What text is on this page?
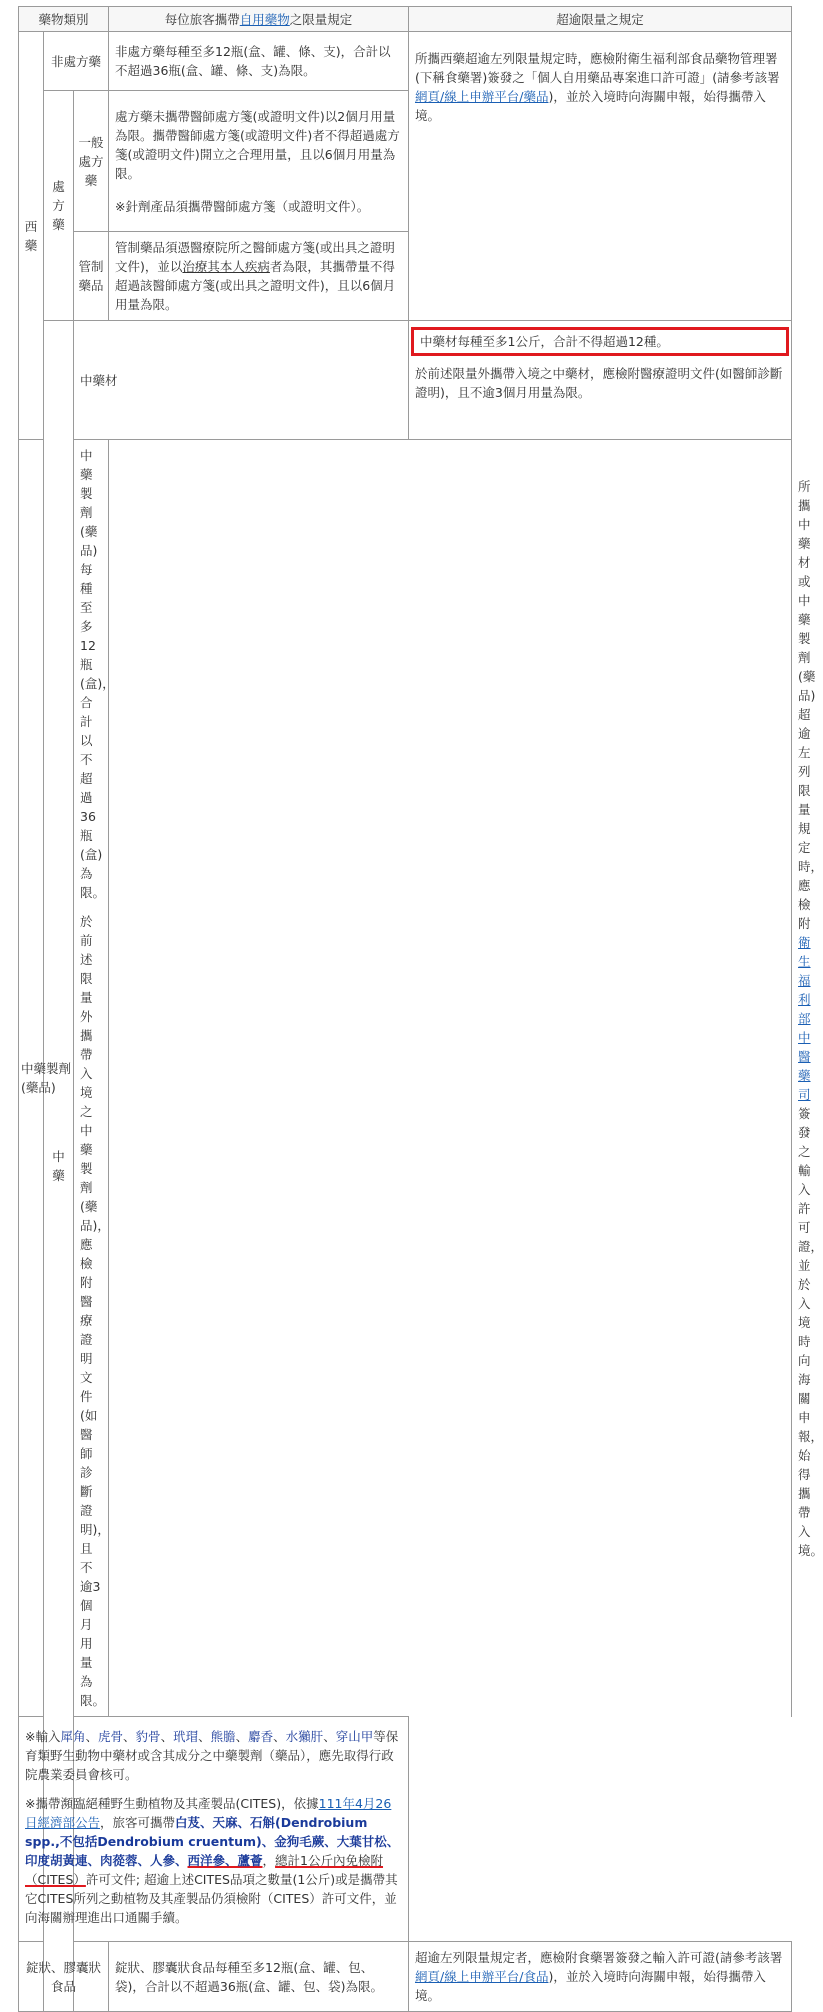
藥物類別			每位旅客攜帶自用藥物之限量規定	超逾限量之規定	

西藥	非處方藥		非處方藥每種至多12瓶(盒、罐、條、支)，合計以不超過36瓶(盒、罐、條、支)為限。	所攜西藥超逾左列限量規定時，應檢附衛生福利部食品藥物管理署(下稱食藥署)簽發之「個人自用藥品專案進口許可證」(請參考該署網頁/線上申辦平台/藥品)，並於入境時向海關申報，始得攜帶入境。	

	處方藥	一般處方藥	處方藥未攜帶醫師處方箋(或證明文件)以2個月用量為限。攜帶醫師處方箋(或證明文件)者不得超過處方箋(或證明文件)開立之合理用量，且以6個月用量為限。
※針劑產品須攜帶醫師處方箋（或證明文件）。		

		管制藥品	管制藥品須憑醫療院所之醫師處方箋(或出具之證明文件)，並以治療其本人疾病者為限，其攜帶量不得超過該醫師處方箋(或出具之證明文件)，且以6個月用量為限。		

	中藥	中藥材		中藥材每種至多1公斤，合計不得超過12種。
於前述限量外攜帶入境之中藥材，應檢附醫療證明文件(如醫師診斷證明)，且不逾3個月用量為限。	所攜中藥材或中藥製劑(藥品)超逾左列限量規定時，應檢附衛生福利部中醫藥司簽發之輸入許可證，並於入境時向海關申報，始得攜帶入境。

中藥製劑(藥品)		中藥製劑(藥品)每種至多12瓶(盒)，合計以不超過36瓶(盒)為限。
於前述限量外攜帶入境之中藥製劑(藥品)，應檢附醫療證明文件(如醫師診斷證明)，且不逾3個月用量為限。			

※輸入犀角、虎骨、豹骨、玳瑁、熊膽、麝香、水獺肝、穿山甲等保育類野生動物中藥材或含其成分之中藥製劑（藥品），應先取得行政院農業委員會核可。

※攜帶瀕臨絕種野生動植物及其產製品(CITES)，依據111年4月26日經濟部公告，旅客可攜帶白芨、天麻、石斛(Dendrobium spp.,不包括Dendrobium cruentum)、金狗毛蕨、大葉甘松、印度胡黃連、肉蓯蓉、人參、西洋參、蘆薈，總計1公斤內免檢附（CITES）許可文件; 超逾上述CITES品項之數量(1公斤)或是攜帶其它CITES所列之動植物及其產製品仍須檢附（CITES）許可文件，並向海關辦理進出口通關手續。					

錠狀、膠囊狀食品			錠狀、膠囊狀食品每種至多12瓶(盒、罐、包、袋)，合計以不超過36瓶(盒、罐、包、袋)為限。	超逾左列限量規定者，應檢附食藥署簽發之輸入許可證(請參考該署網頁/線上申辦平台/食品)，並於入境時向海關申報，始得攜帶入境。	
